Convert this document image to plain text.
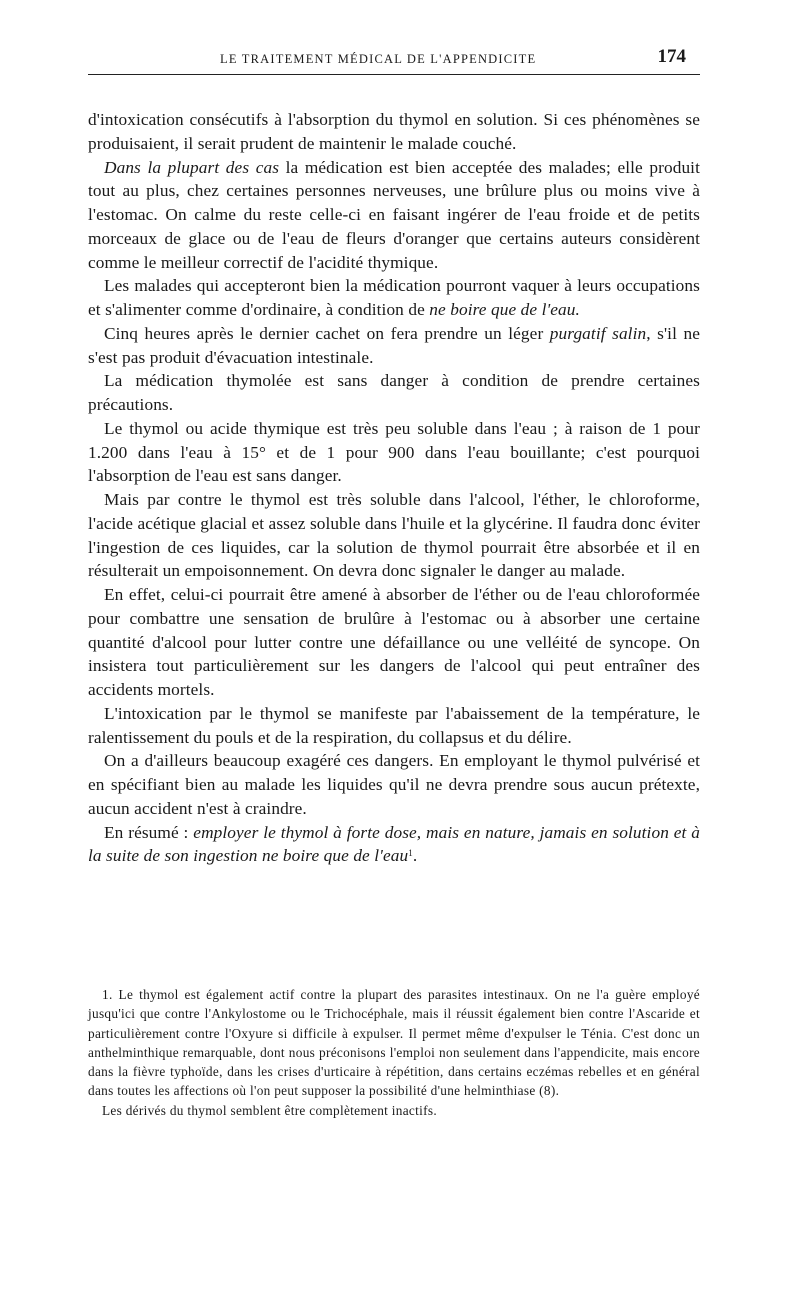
LE TRAITEMENT MÉDICAL DE L'APPENDICITE	174

d'intoxication consécutifs à l'absorption du thymol en solution. Si ces phénomènes se produisaient, il serait prudent de maintenir le malade couché.

Dans la plupart des cas la médication est bien acceptée des malades; elle produit tout au plus, chez certaines personnes nerveuses, une brûlure plus ou moins vive à l'estomac. On calme du reste celle-ci en faisant ingérer de l'eau froide et de petits morceaux de glace ou de l'eau de fleurs d'oranger que certains auteurs considèrent comme le meilleur correctif de l'acidité thymique.

Les malades qui accepteront bien la médication pourront vaquer à leurs occupations et s'alimenter comme d'ordinaire, à condition de ne boire que de l'eau.

Cinq heures après le dernier cachet on fera prendre un léger purgatif salin, s'il ne s'est pas produit d'évacuation intestinale.

La médication thymolée est sans danger à condition de prendre certaines précautions.

Le thymol ou acide thymique est très peu soluble dans l'eau ; à raison de 1 pour 1.200 dans l'eau à 15° et de 1 pour 900 dans l'eau bouillante; c'est pourquoi l'absorption de l'eau est sans danger.

Mais par contre le thymol est très soluble dans l'alcool, l'éther, le chloroforme, l'acide acétique glacial et assez soluble dans l'huile et la glycérine. Il faudra donc éviter l'ingestion de ces liquides, car la solution de thymol pourrait être absorbée et il en résulterait un empoisonnement. On devra donc signaler le danger au malade.

En effet, celui-ci pourrait être amené à absorber de l'éther ou de l'eau chloroformée pour combattre une sensation de brulûre à l'estomac ou à absorber une certaine quantité d'alcool pour lutter contre une défaillance ou une velléité de syncope. On insistera tout particulièrement sur les dangers de l'alcool qui peut entraîner des accidents mortels.

L'intoxication par le thymol se manifeste par l'abaissement de la température, le ralentissement du pouls et de la respiration, du collapsus et du délire.

On a d'ailleurs beaucoup exagéré ces dangers. En employant le thymol pulvérisé et en spécifiant bien au malade les liquides qu'il ne devra prendre sous aucun prétexte, aucun accident n'est à craindre.

En résumé : employer le thymol à forte dose, mais en nature, jamais en solution et à la suite de son ingestion ne boire que de l'eau$^1$.

1. Le thymol est également actif contre la plupart des parasites intestinaux. On ne l'a guère employé jusqu'ici que contre l'Ankylostome ou le Trichocéphale, mais il réussit également bien contre l'Ascaride et particulièrement contre l'Oxyure si difficile à expulser. Il permet même d'expulser le Ténia. C'est donc un anthelminthique remarquable, dont nous préconisons l'emploi non seulement dans l'appendicite, mais encore dans la fièvre typhoïde, dans les crises d'urticaire à répétition, dans certains eczémas rebelles et en général dans toutes les affections où l'on peut supposer la possibilité d'une helminthiase (8).

Les dérivés du thymol semblent être complètement inactifs.
